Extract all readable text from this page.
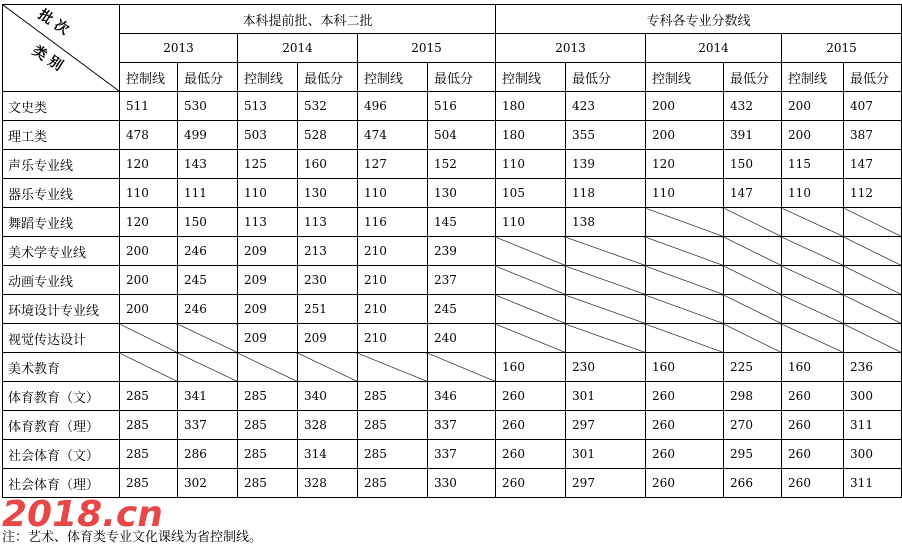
批次
类别	本科提前批、本科二批						专科各专业分数线					
	2013		2014		2015		2013		2014		2015	
	控制线	最低分	控制线	最低分	控制线	最低分	控制线	最低分	控制线	最低分	控制线	最低分
文史类	511	530	513	532	496	516	180	423	200	432	200	407
理工类	478	499	503	528	474	504	180	355	200	391	200	387
声乐专业线	120	143	125	160	127	152	110	139	120	150	115	147
器乐专业线	110	111	110	130	110	130	105	118	110	147	110	112
舞蹈专业线	120	150	113	113	116	145	110	138				
美术学专业线	200	246	209	213	210	239						
动画专业线	200	245	209	230	210	237						
环境设计专业线	200	246	209	251	210	245						
视觉传达设计			209	209	210	240						
美术教育							160	230	160	225	160	236
体育教育（文）	285	341	285	340	285	346	260	301	260	298	260	300
体育教育（理）	285	337	285	328	285	337	260	297	260	270	260	311
社会体育（文）	285	286	285	314	285	337	260	301	260	295	260	300
社会体育（理）	285	302	285	328	285	330	260	297	260	266	260	311
2018.cn
注：艺术、体育类专业文化课线为省控制线。
